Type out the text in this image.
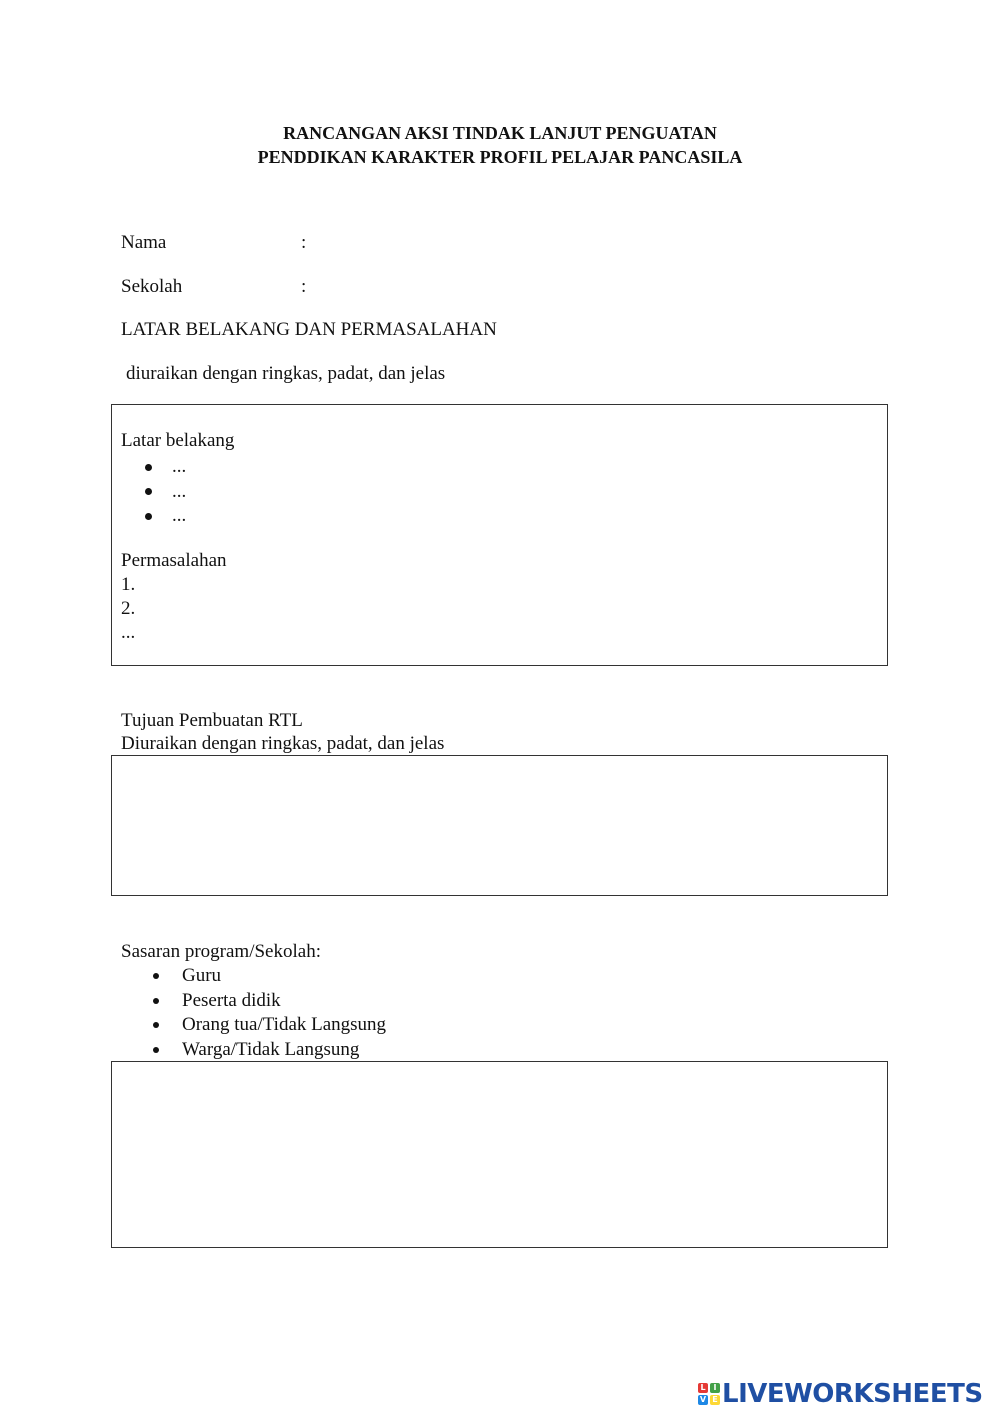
RANCANGAN AKSI TINDAK LANJUT PENGUATAN
PENDDIKAN KARAKTER PROFIL PELAJAR PANCASILA
Nama	:
Sekolah	:
LATAR BELAKANG DAN PERMASALAHAN
diuraikan dengan ringkas, padat, dan jelas
Latar belakang
...
...
...
Permasalahan
1.
2.
...
Tujuan Pembuatan RTL
Diuraikan dengan ringkas, padat, dan jelas
Sasaran program/Sekolah:
Guru
Peserta didik
Orang tua/Tidak Langsung
Warga/Tidak Langsung
L I
V E LIVEWORKSHEETS
